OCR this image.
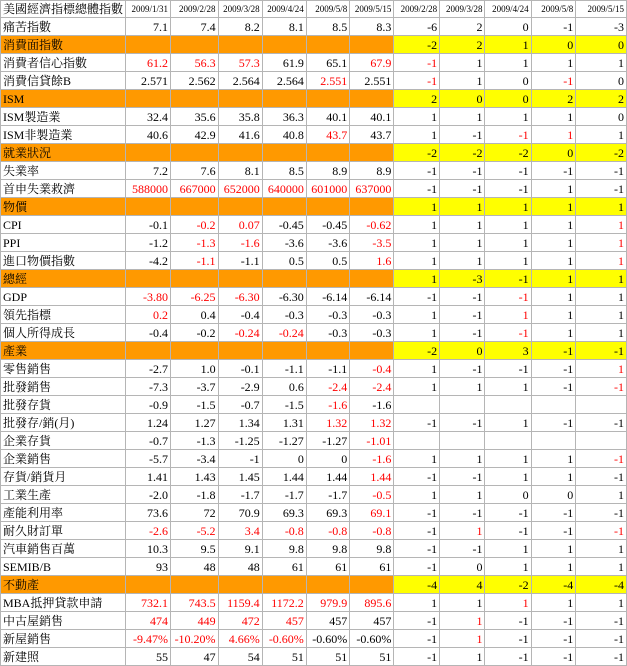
美國經濟指標總體指數	2009/1/31	2009/2/28	2009/3/28	2009/4/24	2009/5/8	2009/5/15	2009/2/28	2009/3/28	2009/4/24	2009/5/8	2009/5/15
痛苦指數	7.1	7.4	8.2	8.1	8.5	8.3	-6	2	0	-1	-3
消費面指數							-2	2	1	0	0
消費者信心指數	61.2	56.3	57.3	61.9	65.1	67.9	-1	1	1	1	1
消費信貸餘B	2.571	2.562	2.564	2.564	2.551	2.551	-1	1	0	-1	0
ISM							2	0	0	2	2
ISM製造業	32.4	35.6	35.8	36.3	40.1	40.1	1	1	1	1	0
ISM非製造業	40.6	42.9	41.6	40.8	43.7	43.7	1	-1	-1	1	1
就業狀況							-2	-2	-2	0	-2
失業率	7.2	7.6	8.1	8.5	8.9	8.9	-1	-1	-1	-1	-1
首申失業救濟	588000	667000	652000	640000	601000	637000	-1	-1	-1	1	-1
物價							1	1	1	1	1
CPI	-0.1	-0.2	0.07	-0.45	-0.45	-0.62	1	1	1	1	1
PPI	-1.2	-1.3	-1.6	-3.6	-3.6	-3.5	1	1	1	1	1
進口物價指數	-4.2	-1.1	-1.1	0.5	0.5	1.6	1	1	1	1	1
總經							1	-3	-1	1	1
GDP	-3.80	-6.25	-6.30	-6.30	-6.14	-6.14	-1	-1	-1	1	1
領先指標	0.2	0.4	-0.4	-0.3	-0.3	-0.3	1	-1	1	1	1
個人所得成長	-0.4	-0.2	-0.24	-0.24	-0.3	-0.3	1	-1	-1	1	1
產業							-2	0	3	-1	-1
零售銷售	-2.7	1.0	-0.1	-1.1	-1.1	-0.4	1	-1	-1	-1	1
批發銷售	-7.3	-3.7	-2.9	0.6	-2.4	-2.4	1	1	1	-1	-1
批發存貨	-0.9	-1.5	-0.7	-1.5	-1.6	-1.6					
批發存/銷(月)	1.24	1.27	1.34	1.31	1.32	1.32	-1	-1	1	-1	-1
企業存貨	-0.7	-1.3	-1.25	-1.27	-1.27	-1.01					
企業銷售	-5.7	-3.4	-1	0	0	-1.6	1	1	1	1	-1
存貨/銷貨月	1.41	1.43	1.45	1.44	1.44	1.44	-1	-1	1	1	-1
工業生產	-2.0	-1.8	-1.7	-1.7	-1.7	-0.5	1	1	0	0	1
產能利用率	73.6	72	70.9	69.3	69.3	69.1	-1	-1	-1	-1	-1
耐久財訂單	-2.6	-5.2	3.4	-0.8	-0.8	-0.8	-1	1	-1	-1	-1
汽車銷售百萬	10.3	9.5	9.1	9.8	9.8	9.8	-1	-1	1	1	1
SEMIB/B	93	48	48	61	61	61	-1	0	1	1	1
不動產							-4	4	-2	-4	-4
MBA抵押貸款申請	732.1	743.5	1159.4	1172.2	979.9	895.6	1	1	1	1	1
中古屋銷售	474	449	472	457	457	457	-1	1	-1	-1	-1
新屋銷售	-9.47%	-10.20%	4.66%	-0.60%	-0.60%	-0.60%	-1	1	-1	-1	-1
新建照	55	47	54	51	51	51	-1	1	-1	-1	-1
